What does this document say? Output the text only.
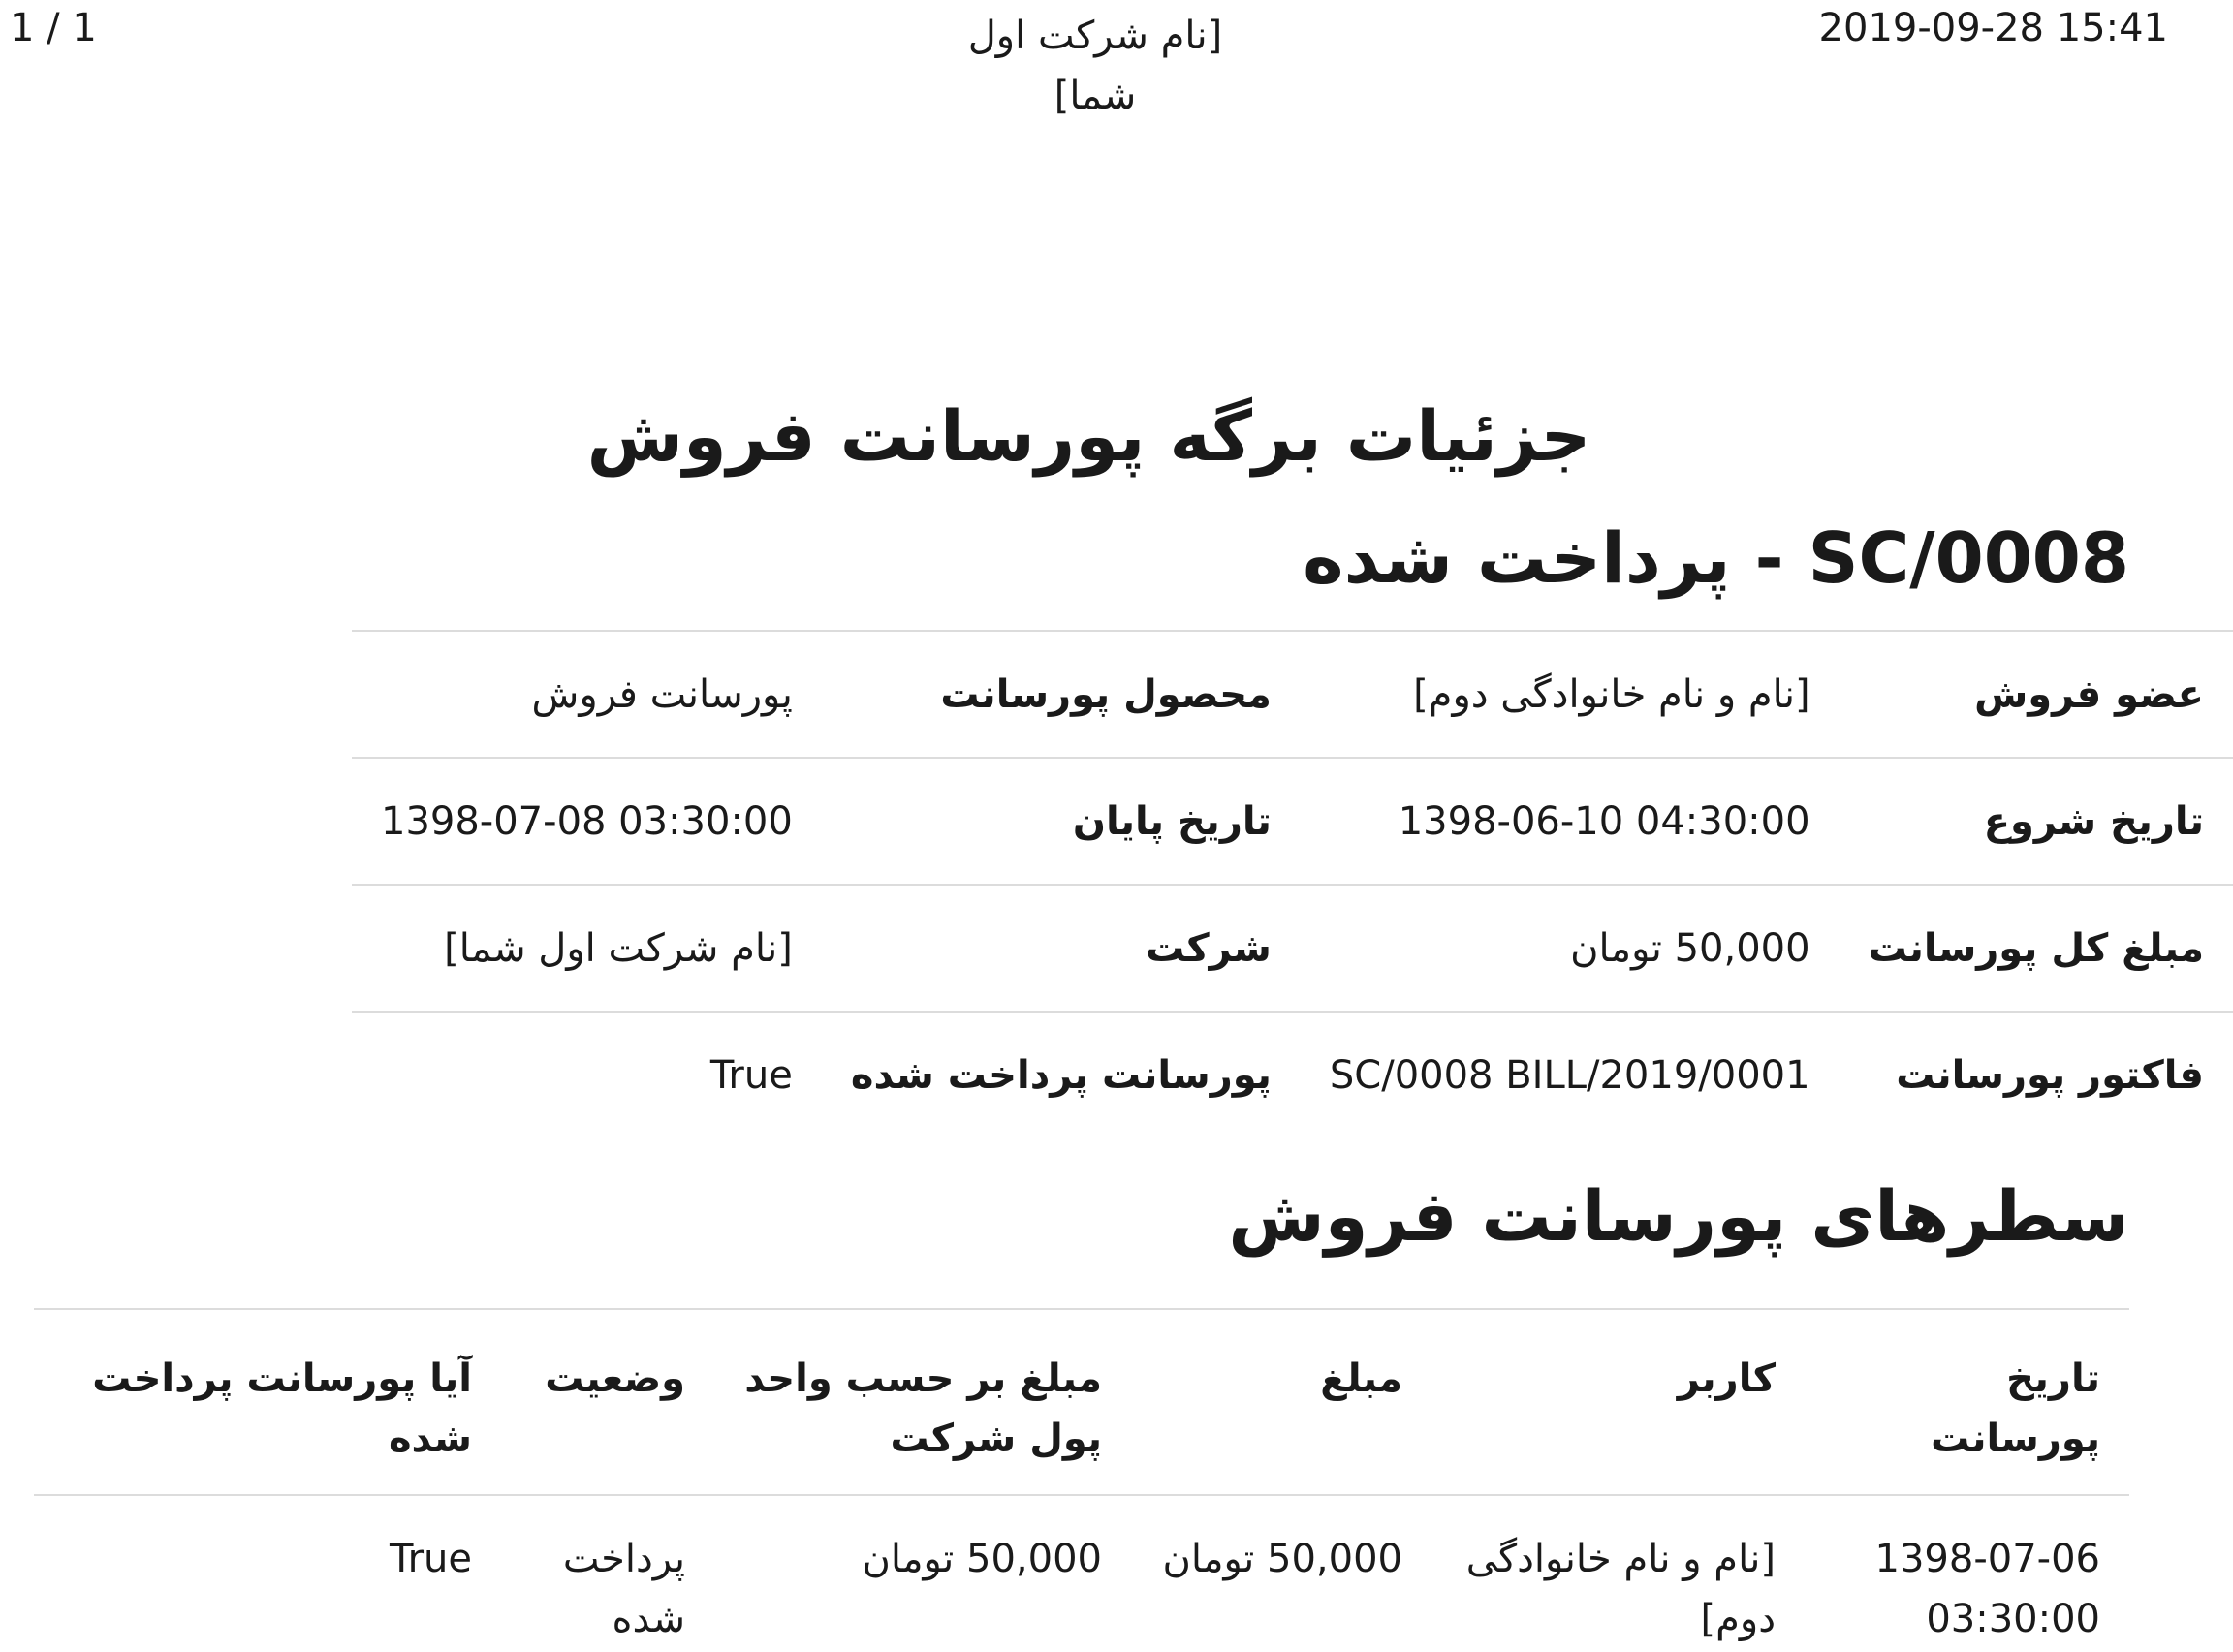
2019-09-28 15:41
[نام شرکت اول شما]
1 / 1
جزئیات برگه پورسانت فروش
SC/0008 - پرداخت شده
عضو فروش	[نام و نام خانوادگی دوم]	محصول پورسانت	پورسانت فروش
تاریخ شروع	1398-06-10 04:30:00	تاریخ پایان	1398-07-08 03:30:00
مبلغ کل پورسانت	50,000 تومان	شرکت	[نام شرکت اول شما]
فاکتور پورسانت	SC/0008 BILL/2019/0001	پورسانت پرداخت شده	True
سطرهای پورسانت فروش
تاریخ پورسانت	کاربر	مبلغ	مبلغ بر حسب واحد پول شرکت	وضعیت	آیا پورسانت پرداخت شده
1398-07-06 03:30:00	[نام و نام خانوادگی دوم]	50,000 تومان	50,000 تومان	پرداخت شده	True
